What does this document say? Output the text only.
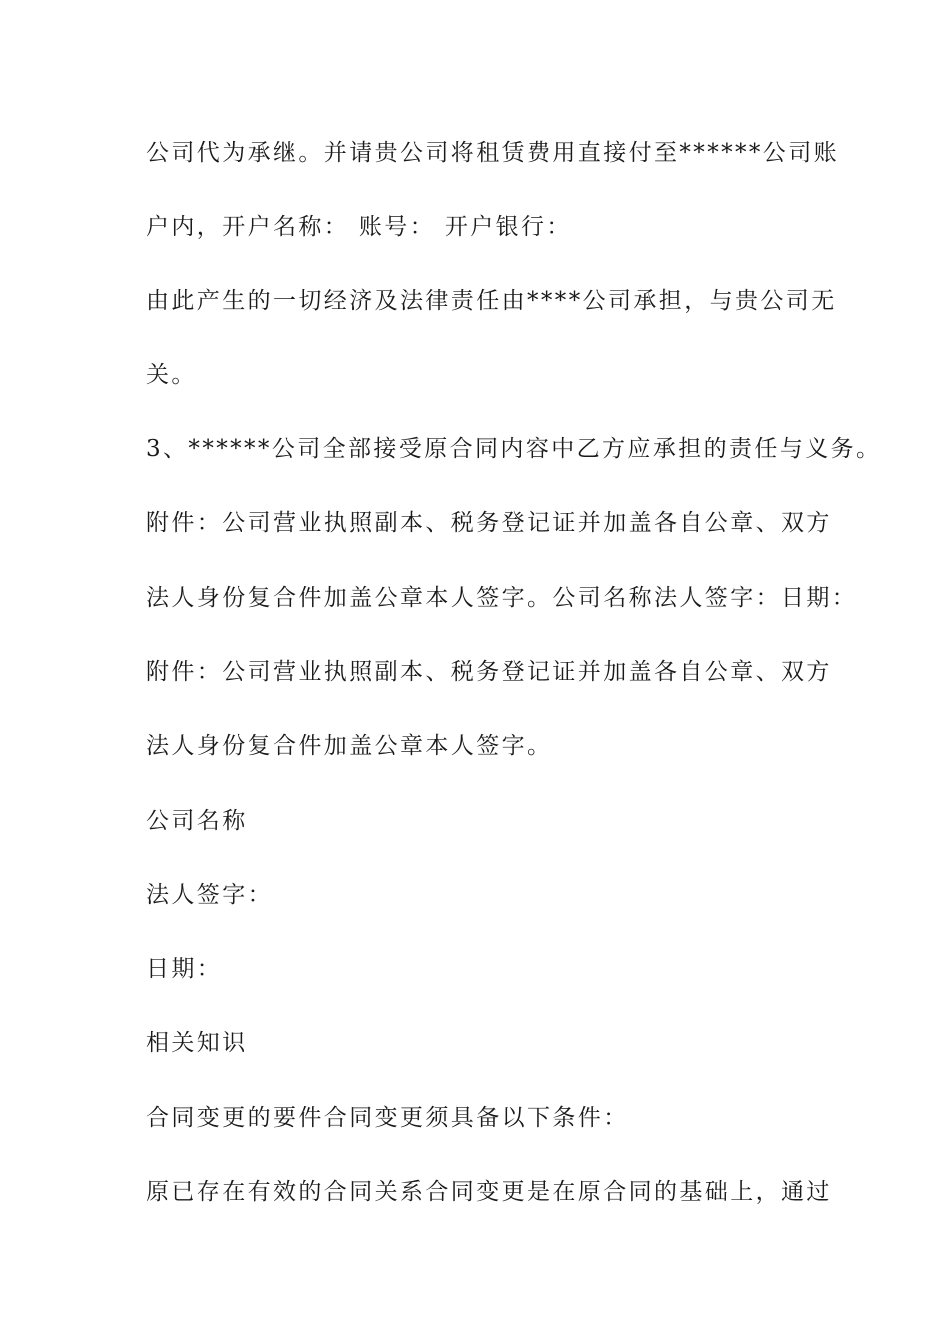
公司代为承继。并请贵公司将租赁费用直接付至******公司账
户内，开户名称： 账号： 开户银行：
由此产生的一切经济及法律责任由****公司承担，与贵公司无
关。
3、******公司全部接受原合同内容中乙方应承担的责任与义务。
附件：公司营业执照副本、税务登记证并加盖各自公章、双方
法人身份复合件加盖公章本人签字。公司名称法人签字：日期：
附件：公司营业执照副本、税务登记证并加盖各自公章、双方
法人身份复合件加盖公章本人签字。
公司名称
法人签字：
日期：
相关知识
合同变更的要件合同变更须具备以下条件：
原已存在有效的合同关系合同变更是在原合同的基础上，通过
